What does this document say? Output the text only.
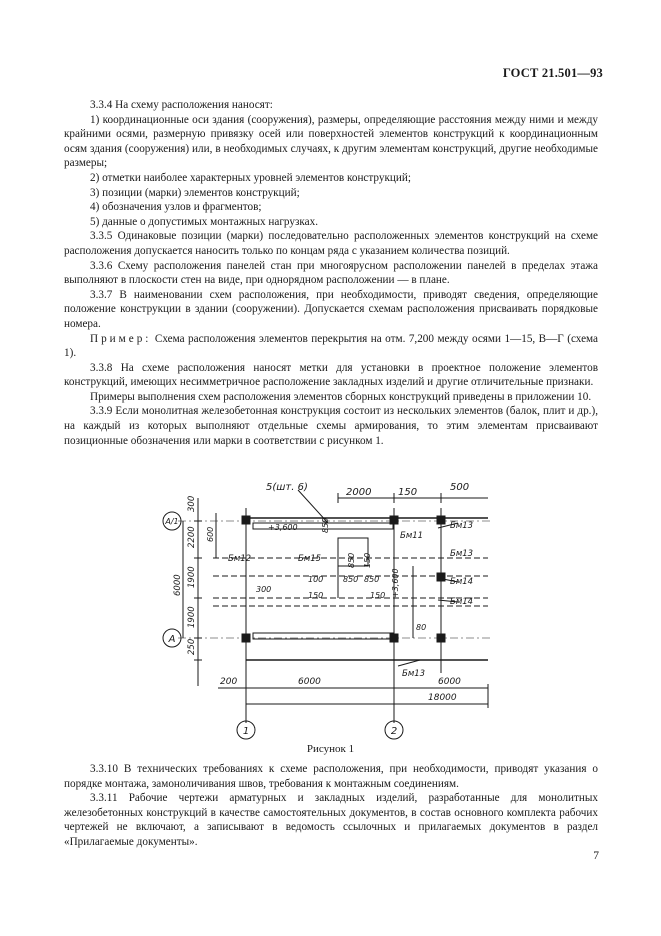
ГОСТ 21.501—93

3.3.4 На схему расположения наносят:

1) координационные оси здания (сооружения), размеры, определяющие расстояния между ними и между крайними осями, размерную привязку осей или поверхностей элементов конструкций к координационным осям здания (сооружения) или, в необходимых случаях, к другим элементам конструкций, другие необходимые размеры;

2) отметки наиболее характерных уровней элементов конструкций;

3) позиции (марки) элементов конструкций;

4) обозначения узлов и фрагментов;

5) данные о допустимых монтажных нагрузках.

3.3.5 Одинаковые позиции (марки) последовательно расположенных элементов конструкций на схеме расположения допускается наносить только по концам ряда с указанием количества позиций.

3.3.6 Схему расположения панелей стан при многоярусном расположении панелей в пределах этажа выполняют в плоскости стен на виде, при однорядном расположении — в плане.

3.3.7 В наименовании схем расположения, при необходимости, приводят сведения, определяющие положение конструкции в здании (сооружении). Допускается схемам расположения присваивать порядковые номера.

Пример: Схема расположения элементов перекрытия на отм. 7,200 между осями 1—15, В—Г (схема 1).

3.3.8 На схеме расположения наносят метки для установки в проектное положение элементов конструкций, имеющих несимметричное расположение закладных изделий и другие отличительные признаки.

Примеры выполнения схем расположения элементов сборных конструкций приведены в приложении 10.

3.3.9 Если монолитная железобетонная конструкция состоит из нескольких элементов (балок, плит и др.), на каждый из которых выполняют отдельные схемы армирования, то этим элементам присваивают позиционные обозначения или марки в соответствии с рисунком 1.

А/1
А
1	2
5(шт. 6)	2000	150	500
+3,600
+3,600
Бм12	Бм15
Бм11
Бм13
Бм13
Бм14
Бм14
Бм13
100 850 850
150	150
300
80
850
850 150
300
2200
1900
1900
250
6000
600
200	6000	6000
18000
Рисунок 1

3.3.10 В технических требованиях к схеме расположения, при необходимости, приводят указания о порядке монтажа, замоноличивания швов, требования к монтажным соединениям.

3.3.11 Рабочие чертежи арматурных и закладных изделий, разработанные для монолитных железобетонных конструкций в качестве самостоятельных документов, в состав основного комплекта рабочих чертежей не включают, а записывают в ведомость ссылочных и прилагаемых документов в раздел «Прилагаемые документы».

7
